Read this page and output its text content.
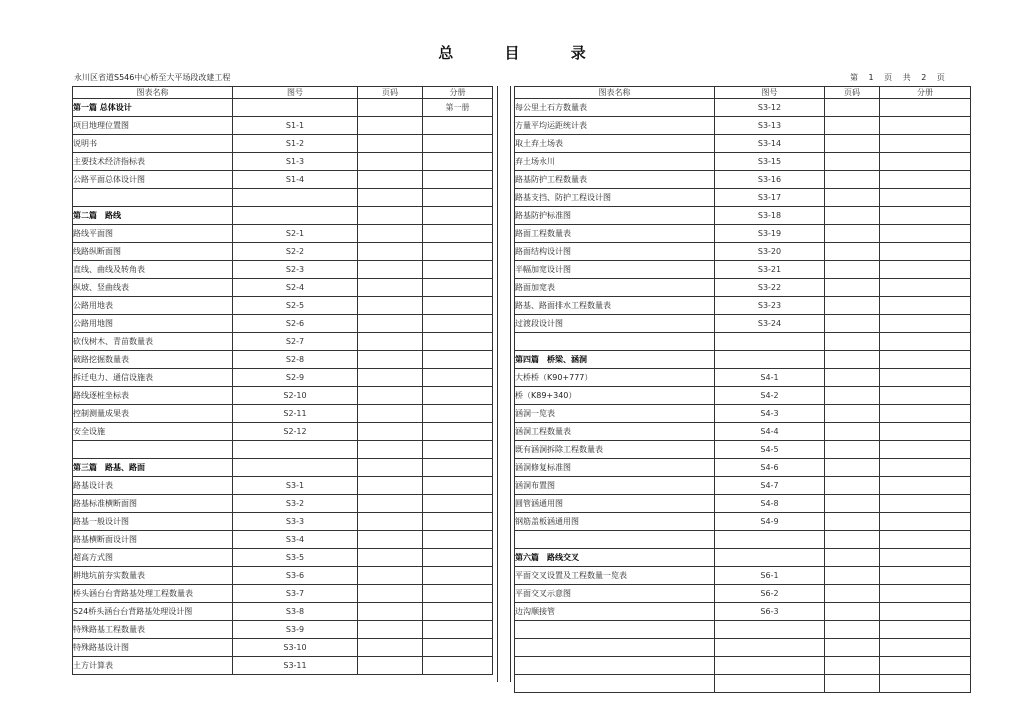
总	目	录
永川区省道S546中心桥至大平场段改建工程	第 1 页 共 2 页
图表名称	图号	页码	分册
第一篇 总体设计			第一册
项目地理位置图	S1-1		
说明书	S1-2		
主要技术经济指标表	S1-3		
公路平面总体设计图	S1-4		

第二篇　路线			
路线平面图	S2-1		
线路纵断面图	S2-2		
直线、曲线及转角表	S2-3		
纵坡、竖曲线表	S2-4		
公路用地表	S2-5		
公路用地图	S2-6		
砍伐树木、青苗数量表	S2-7		
破路挖掘数量表	S2-8		
拆迁电力、通信设施表	S2-9		
路线逐桩坐标表	S2-10		
控制测量成果表	S2-11		
安全设施	S2-12		

第三篇　路基、路面			
路基设计表	S3-1		
路基标准横断面图	S3-2		
路基一般设计图	S3-3		
路基横断面设计图	S3-4		
超高方式图	S3-5		
耕地坑前夯实数量表	S3-6		
桥头涵台台背路基处理工程数量表	S3-7		
S24桥头涵台台背路基处理设计图	S3-8		
特殊路基工程数量表	S3-9		
特殊路基设计图	S3-10		
土方计算表	S3-11		
图表名称	图号	页码	分册
每公里土石方数量表	S3-12		
方量平均运距统计表	S3-13		
取土弃土场表	S3-14		
弃土场永川	S3-15		
路基防护工程数量表	S3-16		
路基支挡、防护工程设计图	S3-17		
路基防护标准图	S3-18		
路面工程数量表	S3-19		
路面结构设计图	S3-20		
半幅加宽设计图	S3-21		
路面加宽表	S3-22		
路基、路面排水工程数量表	S3-23		
过渡段设计图	S3-24		

第四篇　桥梁、涵洞			
大桥桥（K90+777）	S4-1		
桥（K89+340）	S4-2		
涵洞一览表	S4-3		
涵洞工程数量表	S4-4		
既有涵洞拆除工程数量表	S4-5		
涵洞修复标准图	S4-6		
涵洞布置图	S4-7		
圆管涵通用图	S4-8		
钢筋盖板涵通用图	S4-9		

第六篇　路线交叉			
平面交叉设置及工程数量一览表	S6-1		
平面交叉示意图	S6-2		
边沟顺接管	S6-3		
